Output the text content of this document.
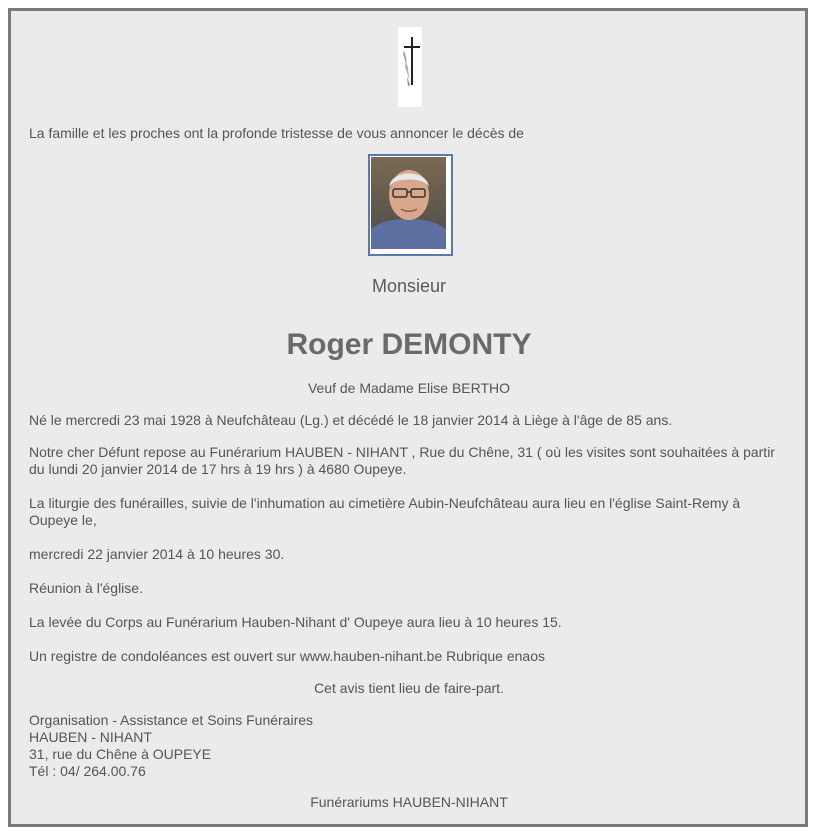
La famille et les proches ont la profonde tristesse de vous annoncer le décès de

Monsieur

Roger DEMONTY

Veuf de Madame Elise BERTHO

Né le mercredi 23 mai 1928 à Neufchâteau (Lg.) et décédé le 18 janvier 2014 à Liège à l'âge de 85 ans.

Notre cher Défunt repose au Funérarium HAUBEN - NIHANT , Rue du Chêne, 31 ( où les visites sont souhaitées à partir du lundi 20 janvier 2014 de 17 hrs à 19 hrs ) à 4680 Oupeye.

La liturgie des funérailles, suivie de l'inhumation au cimetière Aubin-Neufchâteau aura lieu en l'église Saint-Remy à Oupeye le,

mercredi 22 janvier 2014 à 10 heures 30.

Réunion à l'église.

La levée du Corps au Funérarium Hauben-Nihant d' Oupeye aura lieu à 10 heures 15.

Un registre de condoléances est ouvert sur www.hauben-nihant.be Rubrique enaos

Cet avis tient lieu de faire-part.

Organisation - Assistance et Soins Funéraires
HAUBEN - NIHANT
31, rue du Chêne à OUPEYE
Tél : 04/ 264.00.76

Funérariums HAUBEN-NIHANT
